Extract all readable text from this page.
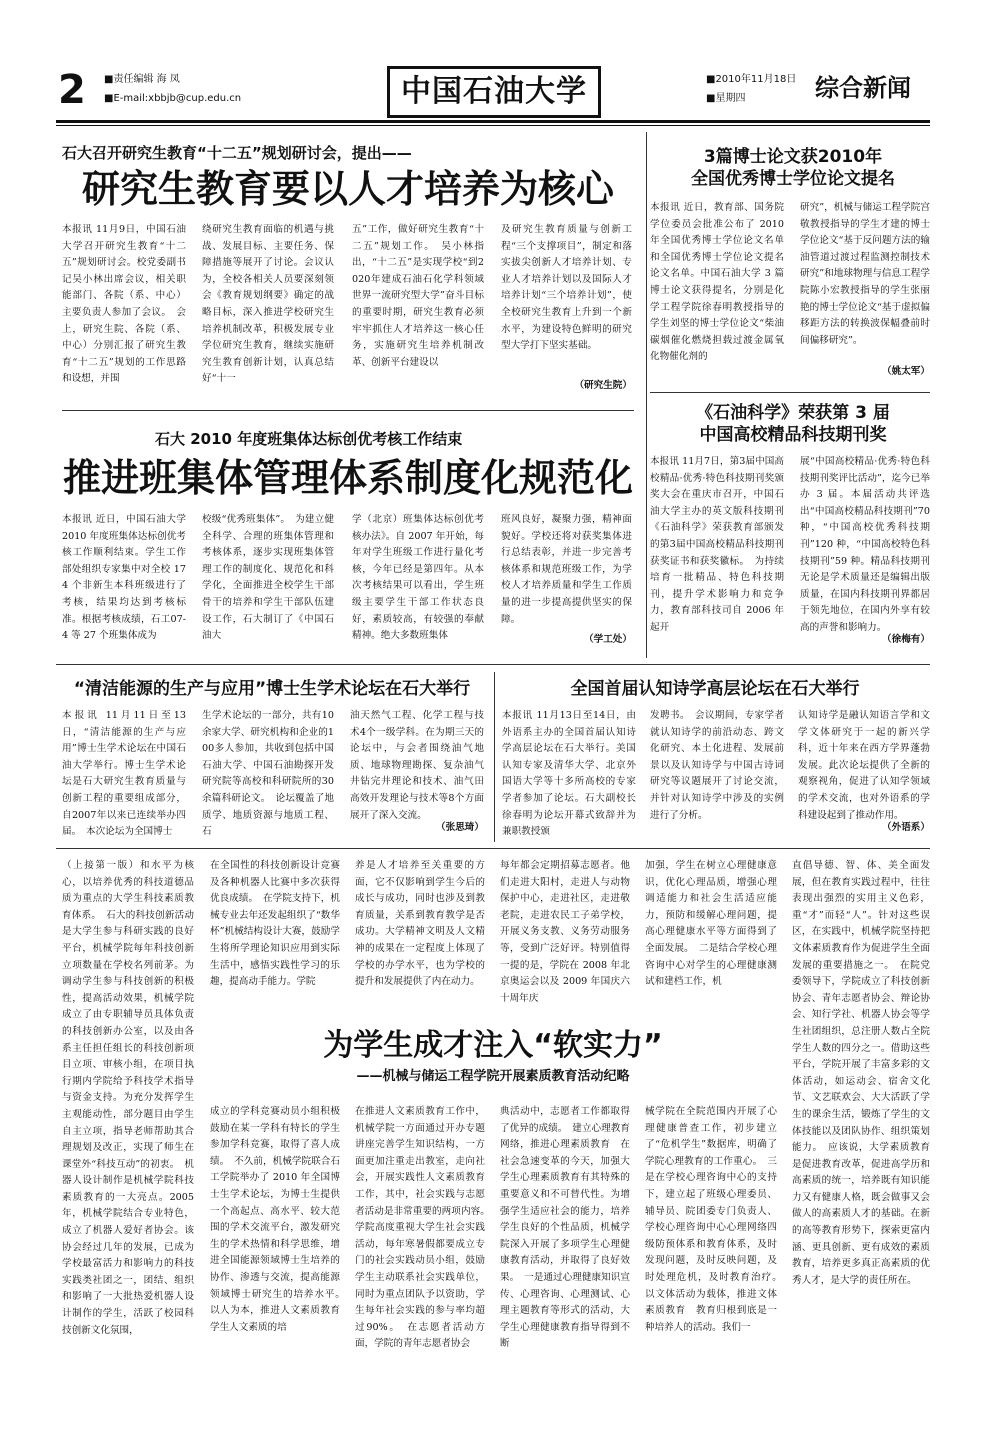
2 ■责任编辑 海 凤
■E-mail:xbbjb@cup.edu.cn	中国石油大学	■2010年11月18日
■星期四	综合新闻
石大召开研究生教育“十二五”规划研讨会，提出——
研究生教育要以人才培养为核心
本报讯 11月9日，中国石油大学召开研究生教育“十二五”规划研讨会。校党委副书记吴小林出席会议，相关职能部门、各院（系、中心）主要负责人参加了会议。　会上，研究生院、各院（系、中心）分别汇报了研究生教育“十二五”规划的工作思路和设想，并围
绕研究生教育面临的机遇与挑战、发展目标、主要任务、保障措施等展开了讨论。会议认为，全校各相关人员要深刻领会《教育规划纲要》确定的战略目标，深入推进学校研究生培养机制改革，积极发展专业学位研究生教育，继续实施研究生教育创新计划，认真总结好“十一
五”工作，做好研究生教育“十二五”规划工作。　吴小林指出，“十二五”是实现学校“到2020年建成石油石化学科领域世界一流研究型大学”奋斗目标的重要时期，研究生教育必须牢牢抓住人才培养这一核心任务，实施研究生培养机制改革、创新平台建设以
及研究生教育质量与创新工程“三个支撑项目”，制定和落实拔尖创新人才培养计划、专业人才培养计划以及国际人才培养计划“三个培养计划”，使全校研究生教育上升到一个新水平，为建设特色鲜明的研究型大学打下坚实基础。
（研究生院）
石大 2010 年度班集体达标创优考核工作结束
推进班集体管理体系制度化规范化
本报讯 近日，中国石油大学 2010 年度班集体达标创优考核工作顺利结束。学生工作部处组织专家集中对全校 174 个非新生本科班级进行了考核，结果均达到考核标准。根据考核成绩，石工07-4 等 27 个班集体成为
校级“优秀班集体”。　为建立健全科学、合理的班集体管理和考核体系，逐步实现班集体管理工作的制度化、规范化和科学化，全面推进全校学生干部骨干的培养和学生干部队伍建设工作，石大制订了《中国石油大
学（北京）班集体达标创优考核办法》。自 2007 年开始，每年对学生班级工作进行量化考核，今年已经是第四年。从本次考核结果可以看出，学生班级主要学生干部工作状态良好，素质较高，有较强的奉献精神。绝大多数班集体
班风良好，凝聚力强，精神面貌好。学校还将对获奖集体进行总结表彰，并进一步完善考核体系和规范班级工作，为学校人才培养质量和学生工作质量的进一步提高提供坚实的保障。
（学工处）
3篇博士论文获2010年
全国优秀博士学位论文提名
本报讯 近日，教育部、国务院学位委员会批准公布了 2010 年全国优秀博士学位论文名单和全国优秀博士学位论文提名论文名单。中国石油大学 3 篇博士论文获得提名，分别是化学工程学院徐春明教授指导的学生刘坚的博士学位论文“柴油碳烟催化燃烧担载过渡金属氧化物催化剂的
研究”，机械与储运工程学院宫敬教授指导的学生才建的博士学位论文“基于反问题方法的输油管道过渡过程监测控制技术研究”和地球物理与信息工程学院陈小宏教授指导的学生张丽艳的博士学位论文“基于虚拟偏移距方法的转换波保幅叠前时间偏移研究”。
（姚太军）
《石油科学》荣获第 3 届
中国高校精品科技期刊奖
本报讯 11月7日，第3届中国高校精品·优秀·特色科技期刊奖颁奖大会在重庆市召开，中国石油大学主办的英文版科技期刊《石油科学》荣获教育部颁发的第3届中国高校精品科技期刊获奖证书和获奖徽标。　为持续培育一批精品、特色科技期刊，提升学术影响力和竞争力，教育部科技司自 2006 年起开
展“中国高校精品·优秀·特色科技期刊奖评比活动”，迄今已举办 3 届。本届活动共评选出“中国高校精品科技期刊”70 种，“中国高校优秀科技期刊”120 种，“中国高校特色科技期刊”59 种。精品科技期刊无论是学术质量还是编辑出版质量，在国内科技期刊界都居于领先地位，在国内外享有较高的声誉和影响力。
（徐梅有）
“清洁能源的生产与应用”博士生学术论坛在石大举行
本报讯 11月11日至13日，“清洁能源的生产与应用”博士生学术论坛在中国石油大学举行。博士生学术论坛是石大研究生教育质量与创新工程的重要组成部分，自2007年以来已连续举办四届。　本次论坛为全国博士
生学术论坛的一部分，共有10余家大学、研究机构和企业的100多人参加，共收到包括中国石油大学、中国石油勘探开发研究院等高校和科研院所的30余篇科研论文。　论坛覆盖了地质学、地质资源与地质工程、石
油天然气工程、化学工程与技术4个一级学科。在为期三天的论坛中，与会者围绕油气地质、地球物理勘探、复杂油气井钻完井理论和技术、油气田高效开发理论与技术等8个方面展开了深入交流。
（张思琦）
全国首届认知诗学高层论坛在石大举行
本报讯 11月13日至14日，由外语系主办的全国首届认知诗学高层论坛在石大举行。美国认知专家及清华大学、北京外国语大学等十多所高校的专家学者参加了论坛。石大副校长徐春明为论坛开幕式致辞并为兼职教授颁
发聘书。　会议期间，专家学者就认知诗学的前沿动态、跨文化研究、本土化进程、发展前景以及认知诗学与中国古诗词研究等议题展开了讨论交流，并针对认知诗学中涉及的实例进行了分析。
认知诗学是融认知语言学和文学文体研究于一起的新兴学科，近十年来在西方学界蓬勃发展。此次论坛提供了全新的观察视角，促进了认知学领域的学术交流，也对外语系的学科建设起到了推动作用。
（外语系）
（上接第一版）和水平为核心，以培养优秀的科技道德品质为重点的大学生科技素质教育体系。　石大的科技创新活动是大学生参与科研实践的良好平台，机械学院每年科技创新立项数量在学校名列前茅。为调动学生参与科技创新的积极性，提高活动效果，机械学院成立了由专职辅导员具体负责的科技创新办公室，以及由各系主任担任组长的科技创新项目立项、审核小组，在项目执行期内学院给予科技学术指导与资金支持。为充分发挥学生主观能动性，部分题目由学生自主立项，指导老师帮助其合理规划及改正，实现了师生在课堂外“科技互动”的初衷。　机器人设计制作是机械学院科技素质教育的一大亮点。2005 年，机械学院结合专业特色，成立了机器人爱好者协会。该协会经过几年的发展，已成为学校最富活力和影响力的科技实践类社团之一，团结、组织和影响了一大批热爱机器人设计制作的学生，活跃了校园科技创新文化氛围，
在全国性的科技创新设计竞赛及各种机器人比赛中多次获得优良成绩。　在学院支持下，机械专业去年还发起组织了“数华杯”机械结构设计大赛，鼓励学生将所学理论知识应用到实际生活中，感悟实践性学习的乐趣，提高动手能力。学院
养是人才培养至关重要的方面，它不仅影响到学生今后的成长与成功，同时也涉及到教育质量，关系到教育教学是否成功。大学精神文明及人文精神的成果在一定程度上体现了学校的办学水平，也为学校的提升和发展提供了内在动力。
每年都会定期招募志愿者。他们走进大阳村，走进人与动物保护中心，走进社区，走进敬老院，走进农民工子弟学校，开展义务支教、义务劳动服务等，受到广泛好评。特别值得一提的是，学院在 2008 年北京奥运会以及 2009 年国庆六十周年庆
加强，学生在树立心理健康意识，优化心理品质，增强心理调适能力和社会生活适应能力，预防和缓解心理问题，提高心理健康水平等方面得到了全面发展。　二是结合学校心理咨询中心对学生的心理健康测试和建档工作，机
直倡导德、智、体、美全面发展，但在教育实践过程中，往往表现出强烈的实用主义色彩，重“才”而轻“人”。针对这些误区，在实践中，机械学院坚持把文体素质教育作为促进学生全面发展的重要措施之一。　在院党委领导下，学院成立了科技创新协会、青年志愿者协会、辩论协会、知行学社、机器人协会等学生社团组织，总注册人数占全院学生人数的四分之一。借助这些平台，学院开展了丰富多彩的文体活动，如运动会、宿舍文化节、文艺联欢会、大大活跃了学生的课余生活，锻炼了学生的文体技能以及团队协作、组织策划能力。　应该说，大学素质教育是促进教育改革，促进高学历和高素质的统一，培养既有知识能力又有健康人格，既会做事又会做人的高素质人才的基础。在新的高等教育形势下，探索更富内涵、更具创新、更有成效的素质教育，培养更多真正高素质的优秀人才，是大学的责任所在。
为学生成才注入“软实力”
——机械与储运工程学院开展素质教育活动纪略
成立的学科竞赛动员小组积极鼓励在某一学科有特长的学生参加学科竞赛，取得了喜人成绩。　不久前，机械学院联合石工学院举办了 2010 年全国博士生学术论坛，为博士生提供一个高起点、高水平、较大范围的学术交流平台，激发研究生的学术热情和科学思维，增进全国能源领域博士生培养的协作、渗透与交流，提高能源领域博士研究生的培养水平。　以人为本，推进人文素质教育　学生人文素质的培
在推进人文素质教育工作中，机械学院一方面通过开办专题讲座完善学生知识结构，一方面更加注重走出教室，走向社会，开展实践性人文素质教育工作，其中，社会实践与志愿者活动是非常重要的两项内容。　学院高度重视大学生社会实践活动，每年寒暑假都要成立专门的社会实践动员小组，鼓励学生主动联系社会实践单位，同时为重点团队予以资助，学生每年社会实践的参与率均超过90%。　在志愿者活动方面，学院的青年志愿者协会
典活动中，志愿者工作都取得了优异的成绩。　建立心理教育网络，推进心理素质教育　在社会急速变革的今天，加强大学生心理素质教育有其特殊的重要意义和不可替代性。为增强学生适应社会的能力，培养学生良好的个性品质，机械学院深入开展了多项学生心理健康教育活动，并取得了良好效果。　一是通过心理健康知识宣传、心理咨询、心理测试、心理主题教育等形式的活动，大学生心理健康教育指导得到不断
械学院在全院范围内开展了心理健康普查工作，初步建立了“危机学生”数据库，明确了学院心理教育的工作重心。　三是在学校心理咨询中心的支持下，建立起了班级心理委员、辅导员、院团委专门负责人、学校心理咨询中心心理网络四级防预体系和教育体系，及时发现问题，及时反映问题，及时处理危机，及时教育治疗。　以文体活动为载体，推进文体素质教育　教育归根到底是一种培养人的活动。我们一
